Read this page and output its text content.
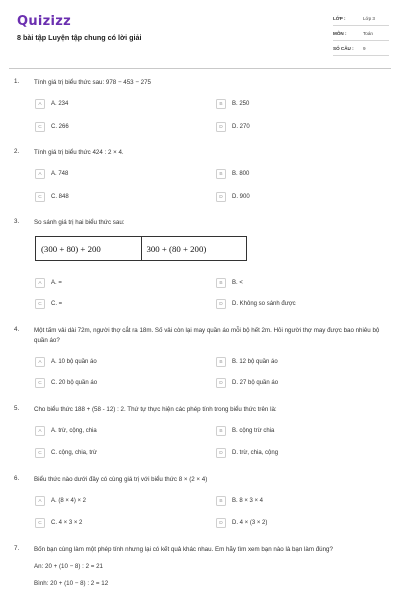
Quizizz
8 bài tập Luyện tập chung có lời giải
LỚP :	Lớp 3
MÔN :	Toán
SỐ CÂU : 9
1. Tính giá trị biểu thức sau: 978 − 453 − 275
A	A. 234	B	B. 250
C	C. 266	D	D. 270
2. Tính giá trị biểu thức 424 : 2 × 4.
A	A. 748	B	B. 800
C	C. 848	D	D. 900
3. So sánh giá trị hai biểu thức sau:
(300 + 80) + 200	300 + (80 + 200)
A	A. =	B	B. <
C	C. =	D	D. Không so sánh được
4. Một tấm vải dài 72m, người thợ cắt ra 18m. Số vải còn lại may quần áo mỗi bộ hết 2m. Hỏi người thợ may được bao nhiêu bộ quần áo?
A	A. 10 bộ quần áo	B	B. 12 bộ quần áo
C	C. 20 bộ quần áo	D	D. 27 bộ quần áo
5. Cho biểu thức 188 + (58 - 12) : 2. Thứ tự thực hiện các phép tính trong biểu thức trên là:
A	A. trừ, cộng, chia	B	B. cộng trừ chia
C	C. cộng, chia, trừ	D	D. trừ, chia, cộng
6. Biểu thức nào dưới đây có cùng giá trị với biểu thức 8 × (2 × 4)
A	A. (8 × 4) × 2	B	B. 8 × 3 × 4
C	C. 4 × 3 × 2	D	D. 4 × (3 × 2)
7. Bốn bạn cùng làm một phép tính nhưng lại có kết quả khác nhau. Em hãy tìm xem bạn nào là bạn làm đúng?
An: 20 + (10 − 8) : 2 = 21
Bình: 20 + (10 − 8) : 2 = 12
